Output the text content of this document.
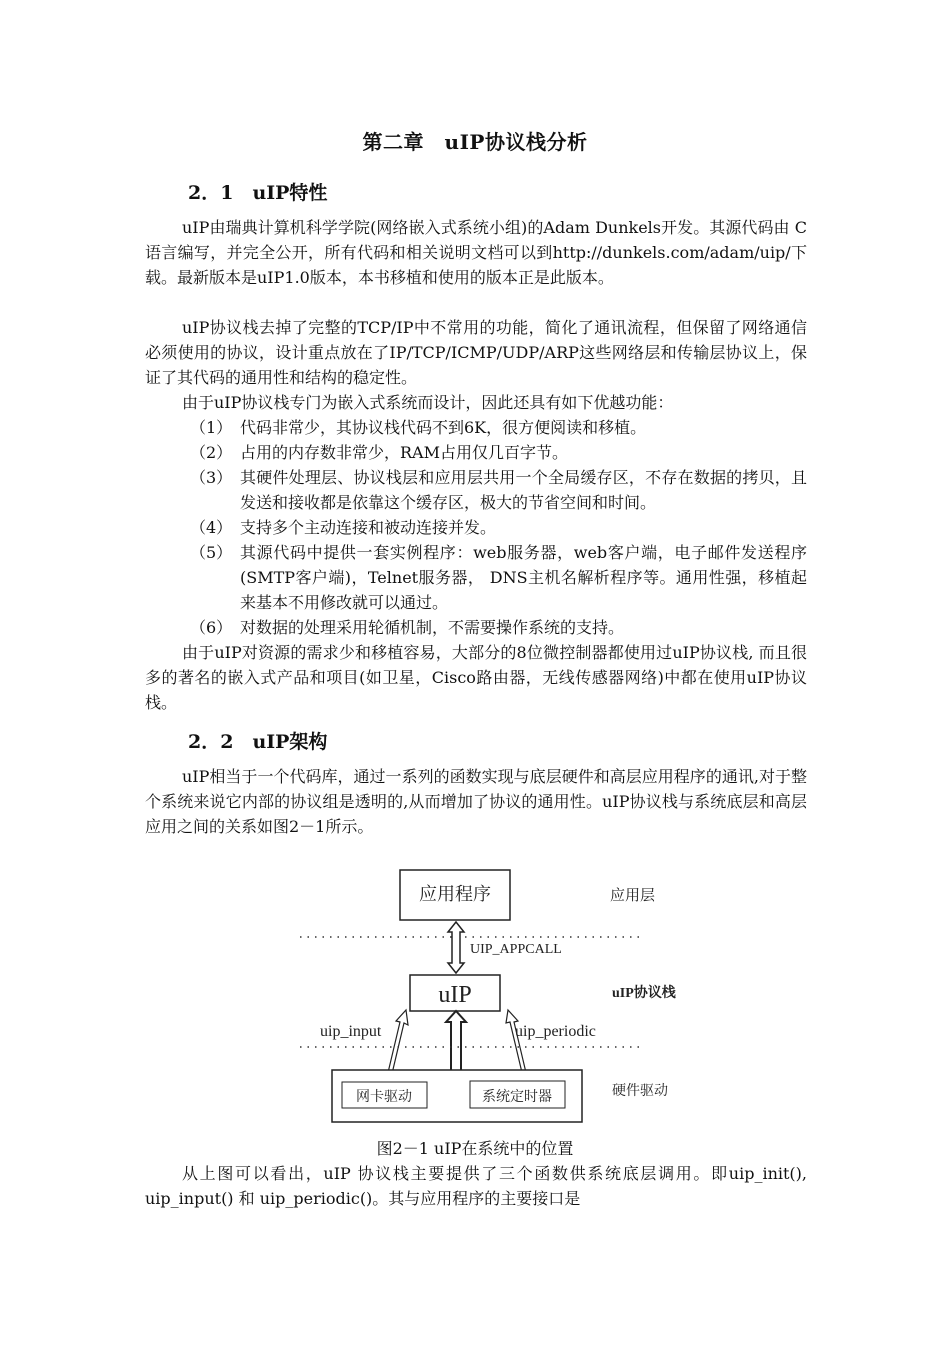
第二章　uIP协议栈分析
2．1　uIP特性

uIP由瑞典计算机科学学院(网络嵌入式系统小组)的Adam Dunkels开发。其源代码由 C 语言编写，并完全公开，所有代码和相关说明文档可以到http://dunkels.com/adam/uip/下载。最新版本是uIP1.0版本，本书移植和使用的版本正是此版本。

uIP协议栈去掉了完整的TCP/IP中不常用的功能，简化了通讯流程，但保留了网络通信必须使用的协议，设计重点放在了IP/TCP/ICMP/UDP/ARP这些网络层和传输层协议上，保证了其代码的通用性和结构的稳定性。

由于uIP协议栈专门为嵌入式系统而设计，因此还具有如下优越功能：

（1） 代码非常少，其协议栈代码不到6K，很方便阅读和移植。
（2） 占用的内存数非常少，RAM占用仅几百字节。
（3） 其硬件处理层、协议栈层和应用层共用一个全局缓存区，不存在数据的拷贝，且发送和接收都是依靠这个缓存区，极大的节省空间和时间。
（4） 支持多个主动连接和被动连接并发。
（5） 其源代码中提供一套实例程序：web服务器，web客户端，电子邮件发送程序(SMTP客户端)，Telnet服务器， DNS主机名解析程序等。通用性强，移植起来基本不用修改就可以通过。
（6） 对数据的处理采用轮循机制，不需要操作系统的支持。

由于uIP对资源的需求少和移植容易，大部分的8位微控制器都使用过uIP协议栈, 而且很多的著名的嵌入式产品和项目(如卫星，Cisco路由器，无线传感器网络)中都在使用uIP协议栈。

2．2　uIP架构

uIP相当于一个代码库，通过一系列的函数实现与底层硬件和高层应用程序的通讯,对于整个系统来说它内部的协议组是透明的,从而增加了协议的通用性。uIP协议栈与系统底层和高层应用之间的关系如图2－1所示。

应用程序	应用层
UIP_APPCALL
uIP	uIP协议栈
uip_input	uip_periodic
网卡驱动	系统定时器	硬件驱动
图2－1 uIP在系统中的位置

从上图可以看出，uIP 协议栈主要提供了三个函数供系统底层调用。即uip_init(), uip_input() 和 uip_periodic()。其与应用程序的主要接口是
